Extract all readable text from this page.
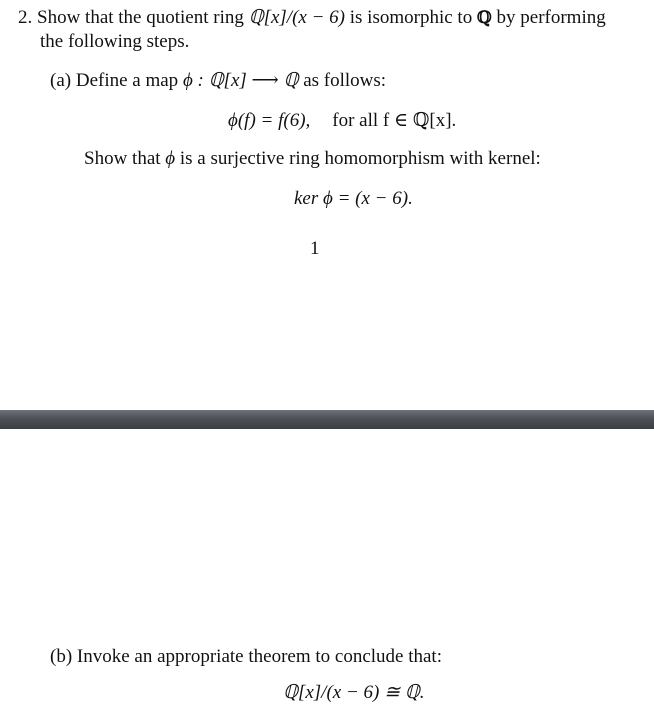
2. Show that the quotient ring ℚ[x]/(x − 6) is isomorphic to ℚ by performing
the following steps.
(a) Define a map ϕ : ℚ[x] ⟶ ℚ as follows:
ϕ(f) = f(6), for all f ∈ ℚ[x].
Show that ϕ is a surjective ring homomorphism with kernel:
ker ϕ = (x − 6).
1
(b) Invoke an appropriate theorem to conclude that:
ℚ[x]/(x − 6) ≅ ℚ.
